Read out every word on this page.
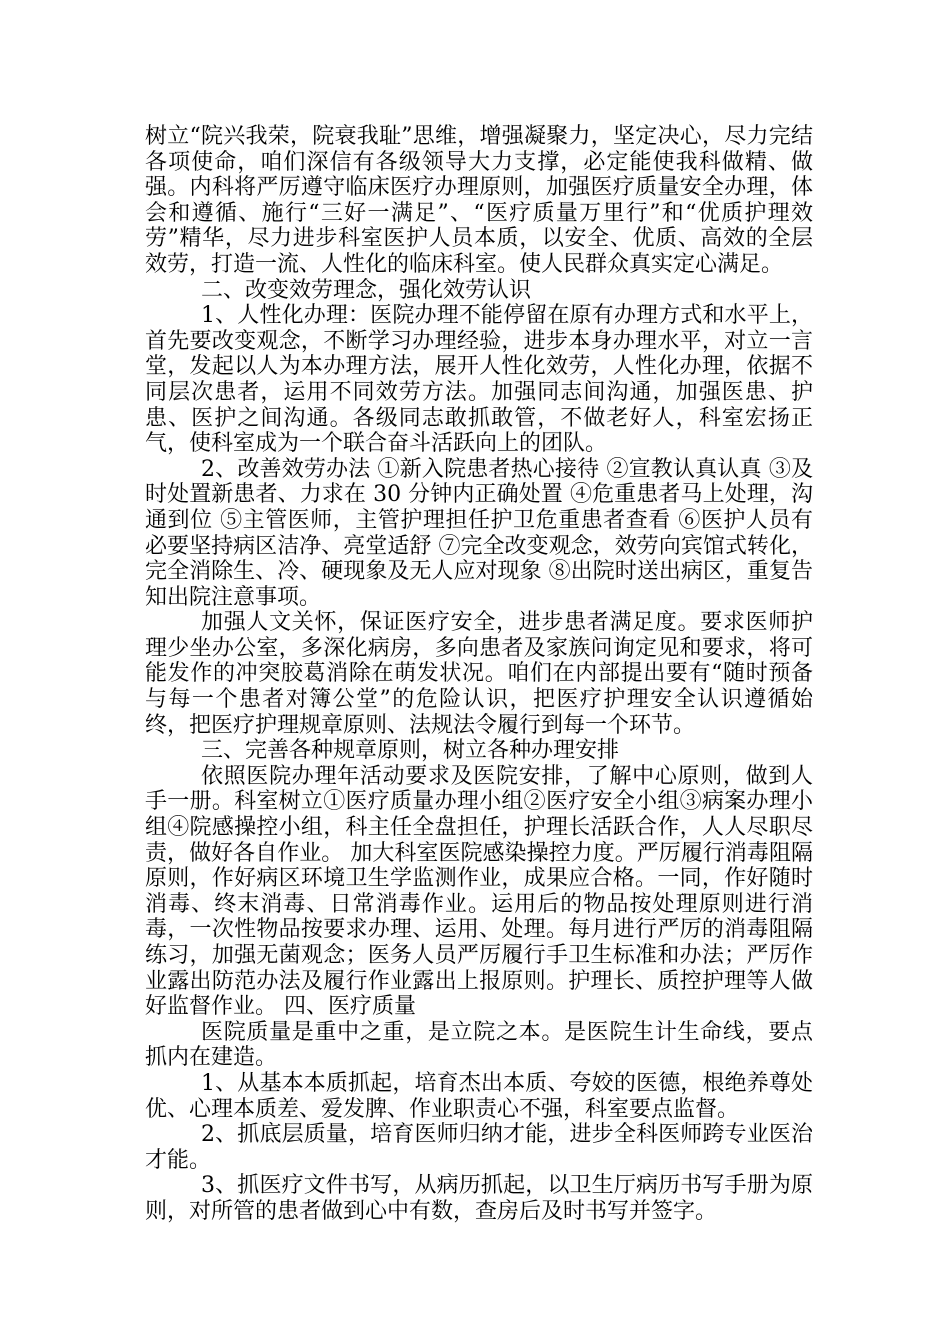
树立“院兴我荣，院衰我耻”思维，增强凝聚力，坚定决心，尽力完结各项使命，咱们深信有各级领导大力支撑，必定能使我科做精、做强。内科将严厉遵守临床医疗办理原则，加强医疗质量安全办理，体会和遵循、施行“三好一满足”、“医疗质量万里行”和“优质护理效劳”精华，尽力进步科室医护人员本质，以安全、优质、高效的全层效劳，打造一流、人性化的临床科室。使人民群众真实定心满足。

二、改变效劳理念，强化效劳认识

1、人性化办理：医院办理不能停留在原有办理方式和水平上，首先要改变观念，不断学习办理经验，进步本身办理水平，对立一言堂，发起以人为本办理方法，展开人性化效劳，人性化办理，依据不同层次患者，运用不同效劳方法。加强同志间沟通，加强医患、护患、医护之间沟通。各级同志敢抓敢管，不做老好人，科室宏扬正气，使科室成为一个联合奋斗活跃向上的团队。

2、改善效劳办法 ①新入院患者热心接待 ②宣教认真认真 ③及时处置新患者、力求在 30 分钟内正确处置 ④危重患者马上处理，沟通到位 ⑤主管医师，主管护理担任护卫危重患者查看 ⑥医护人员有必要坚持病区洁净、亮堂适舒 ⑦完全改变观念，效劳向宾馆式转化，完全消除生、冷、硬现象及无人应对现象 ⑧出院时送出病区，重复告知出院注意事项。

加强人文关怀，保证医疗安全，进步患者满足度。要求医师护理少坐办公室，多深化病房，多向患者及家族问询定见和要求，将可能发作的冲突胶葛消除在萌发状况。咱们在内部提出要有“随时预备与每一个患者对簿公堂”的危险认识，把医疗护理安全认识遵循始终，把医疗护理规章原则、法规法令履行到每一个环节。

三、完善各种规章原则，树立各种办理安排

依照医院办理年活动要求及医院安排，了解中心原则，做到人手一册。科室树立①医疗质量办理小组②医疗安全小组③病案办理小组④院感操控小组，科主任全盘担任，护理长活跃合作，人人尽职尽责，做好各自作业。 加大科室医院感染操控力度。严厉履行消毒阻隔原则，作好病区环境卫生学监测作业，成果应合格。一同，作好随时消毒、终末消毒、日常消毒作业。运用后的物品按处理原则进行消毒，一次性物品按要求办理、运用、处理。每月进行严厉的消毒阻隔练习，加强无菌观念；医务人员严厉履行手卫生标准和办法；严厉作业露出防范办法及履行作业露出上报原则。护理长、质控护理等人做好监督作业。 四、医疗质量

医院质量是重中之重，是立院之本。是医院生计生命线，要点抓内在建造。

1、从基本本质抓起，培育杰出本质、夸姣的医德，根绝养尊处优、心理本质差、爱发脾、作业职责心不强，科室要点监督。

2、抓底层质量，培育医师归纳才能，进步全科医师跨专业医治才能。

3、抓医疗文件书写，从病历抓起，以卫生厅病历书写手册为原则，对所管的患者做到心中有数，查房后及时书写并签字。
